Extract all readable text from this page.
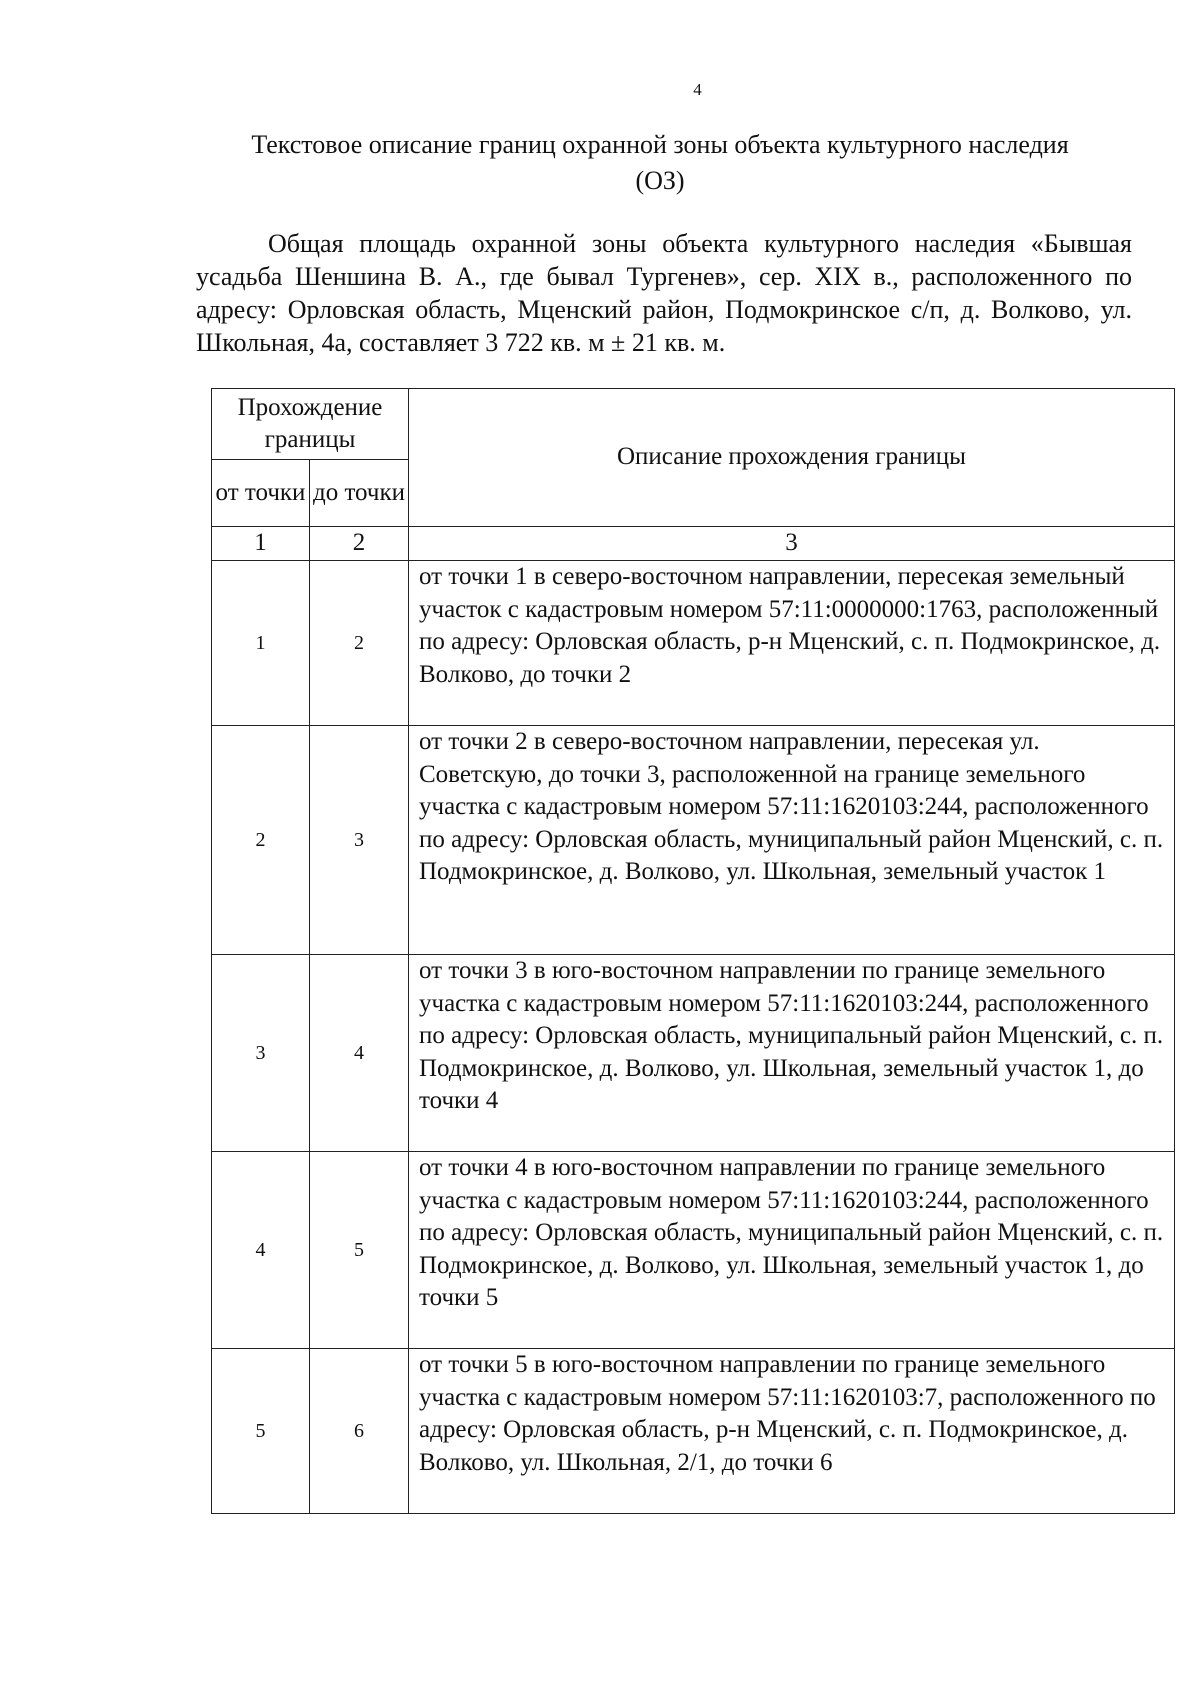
4
Текстовое описание границ охранной зоны объекта культурного наследия (ОЗ)
Общая площадь охранной зоны объекта культурного наследия «Бывшая усадьба Шеншина В. А., где бывал Тургенев», сер. XIX в., расположенного по адресу: Орловская область, Мценский район, Подмокринское с/п, д. Волково, ул. Школьная, 4а, составляет 3 722 кв. м ± 21 кв. м.
Прохождение границы		Описание прохождения границы
от точки	до точки	
1	2	3
1	2	от точки 1 в северо-восточном направлении, пересекая земельный участок с кадастровым номером 57:11:0000000:1763, расположенный по адресу: Орловская область, р-н Мценский, с. п. Подмокринское, д. Волково, до точки 2
2	3	от точки 2 в северо-восточном направлении, пересекая ул. Советскую, до точки 3, расположенной на границе земельного участка с кадастровым номером 57:11:1620103:244, расположенного по адресу: Орловская область, муниципальный район Мценский, с. п. Подмокринское, д. Волково, ул. Школьная, земельный участок 1
3	4	от точки 3 в юго-восточном направлении по границе земельного участка с кадастровым номером 57:11:1620103:244, расположенного по адресу: Орловская область, муниципальный район Мценский, с. п. Подмокринское, д. Волково, ул. Школьная, земельный участок 1, до точки 4
4	5	от точки 4 в юго-восточном направлении по границе земельного участка с кадастровым номером 57:11:1620103:244, расположенного по адресу: Орловская область, муниципальный район Мценский, с. п. Подмокринское, д. Волково, ул. Школьная, земельный участок 1, до точки 5
5	6	от точки 5 в юго-восточном направлении по границе земельного участка с кадастровым номером 57:11:1620103:7, расположенного по адресу: Орловская область, р-н Мценский, с. п. Подмокринское, д. Волково, ул. Школьная, 2/1, до точки 6
